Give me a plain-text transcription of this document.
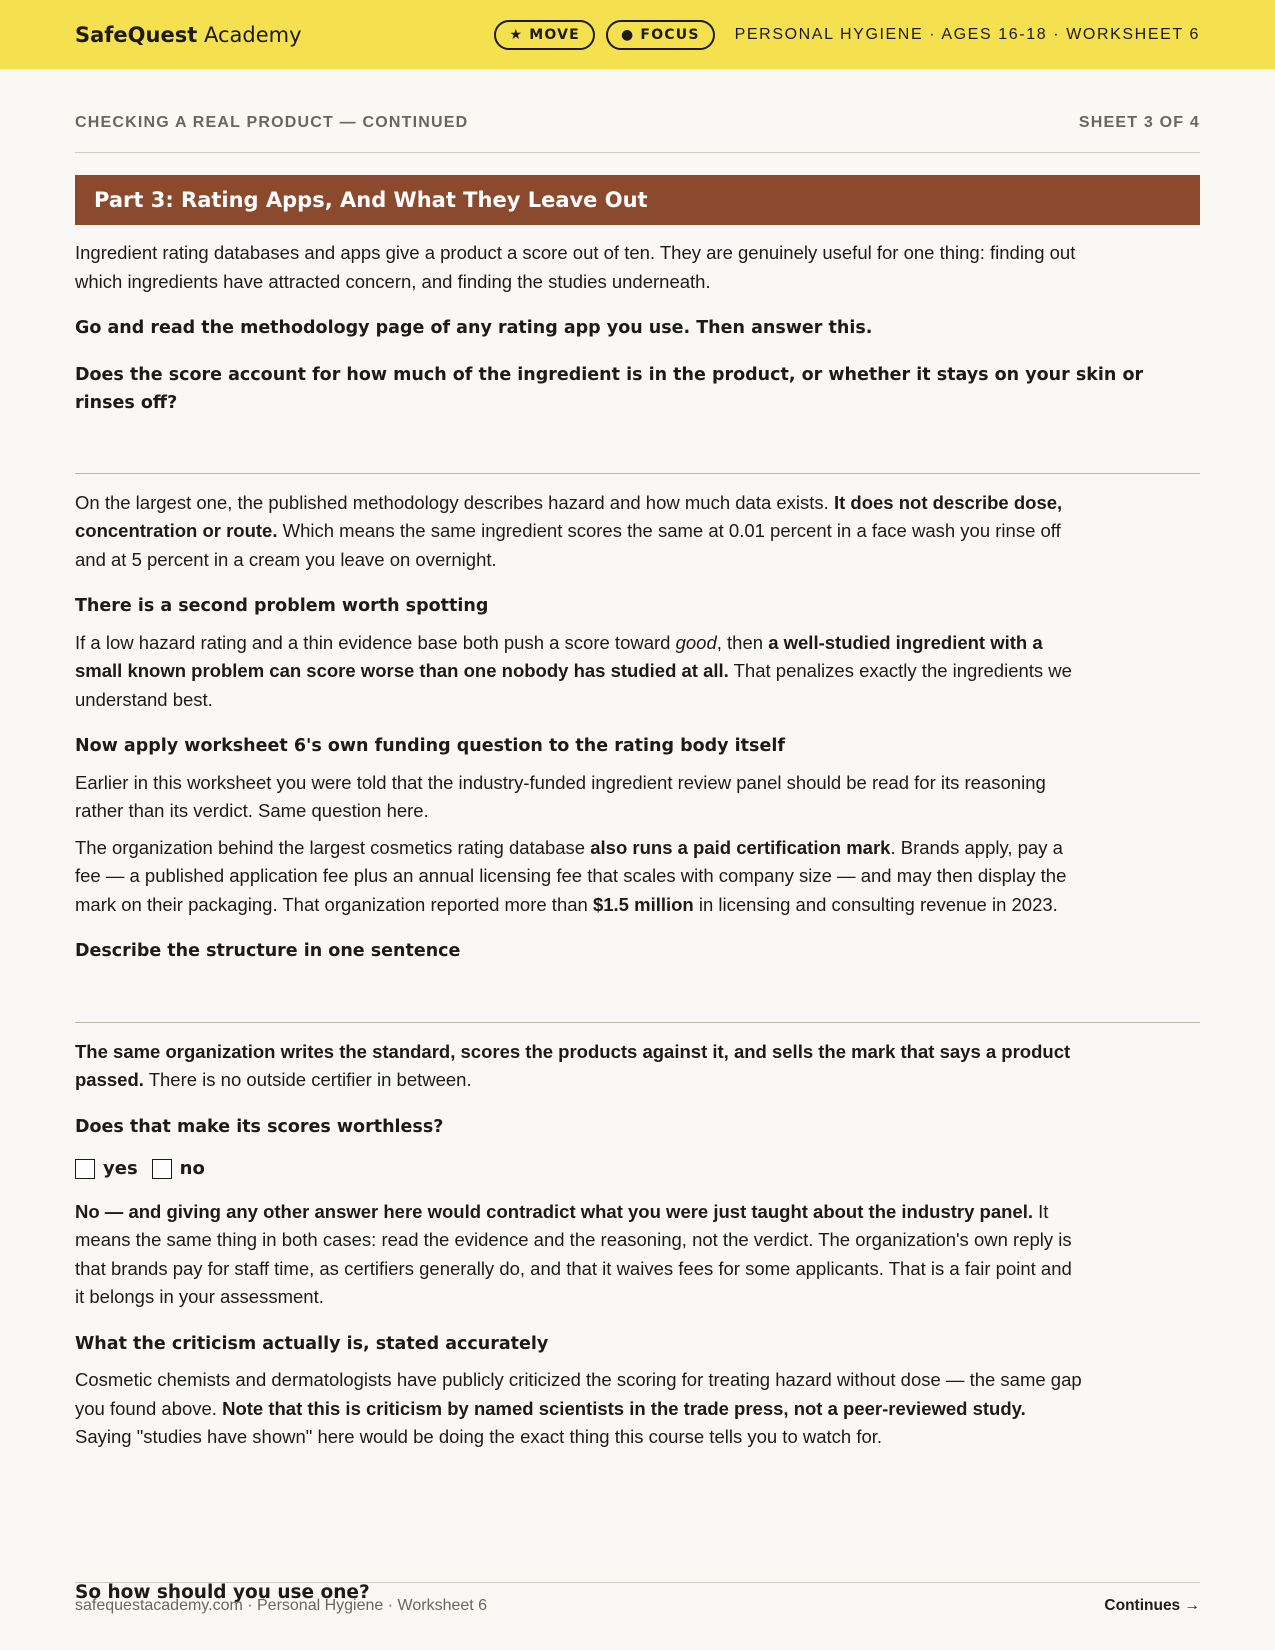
SafeQuest Academy	★ MOVE	● FOCUS	PERSONAL HYGIENE · AGES 16-18 · WORKSHEET 6
CHECKING A REAL PRODUCT — CONTINUED	SHEET 3 OF 4
Part 3: Rating Apps, And What They Leave Out

Ingredient rating databases and apps give a product a score out of ten. They are genuinely useful for one thing: finding out which ingredients have attracted concern, and finding the studies underneath.

Go and read the methodology page of any rating app you use. Then answer this.

Does the score account for how much of the ingredient is in the product, or whether it stays on your skin or rinses off?

On the largest one, the published methodology describes hazard and how much data exists. It does not describe dose, concentration or route. Which means the same ingredient scores the same at 0.01 percent in a face wash you rinse off and at 5 percent in a cream you leave on overnight.

There is a second problem worth spotting

If a low hazard rating and a thin evidence base both push a score toward good, then a well-studied ingredient with a small known problem can score worse than one nobody has studied at all. That penalizes exactly the ingredients we understand best.

Now apply worksheet 6's own funding question to the rating body itself

Earlier in this worksheet you were told that the industry-funded ingredient review panel should be read for its reasoning rather than its verdict. Same question here.

The organization behind the largest cosmetics rating database also runs a paid certification mark. Brands apply, pay a fee — a published application fee plus an annual licensing fee that scales with company size — and may then display the mark on their packaging. That organization reported more than $1.5 million in licensing and consulting revenue in 2023.

Describe the structure in one sentence

The same organization writes the standard, scores the products against it, and sells the mark that says a product passed. There is no outside certifier in between.

Does that make its scores worthless?

yes no

No — and giving any other answer here would contradict what you were just taught about the industry panel. It means the same thing in both cases: read the evidence and the reasoning, not the verdict. The organization's own reply is that brands pay for staff time, as certifiers generally do, and that it waives fees for some applicants. That is a fair point and it belongs in your assessment.

What the criticism actually is, stated accurately

Cosmetic chemists and dermatologists have publicly criticized the scoring for treating hazard without dose — the same gap you found above. Note that this is criticism by named scientists in the trade press, not a peer-reviewed study. Saying "studies have shown" here would be doing the exact thing this course tells you to watch for.

So how should you use one?
safequestacademy.com · Personal Hygiene · Worksheet 6	Continues →
